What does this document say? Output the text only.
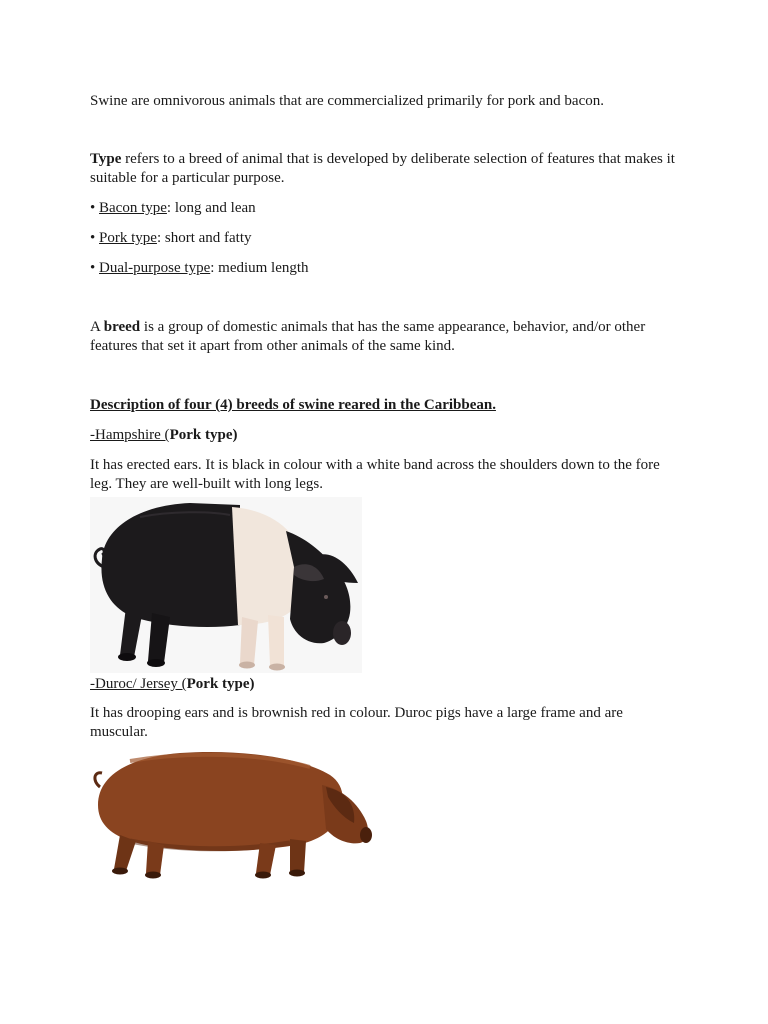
Swine are omnivorous animals that are commercialized primarily for pork and bacon.

Type refers to a breed of animal that is developed by deliberate selection of features that makes it suitable for a particular purpose.

• Bacon type: long and lean

• Pork type: short and fatty

• Dual-purpose type: medium length

A breed is a group of domestic animals that has the same appearance, behavior, and/or other features that set it apart from other animals of the same kind.

Description of four (4) breeds of swine reared in the Caribbean.

-Hampshire (Pork type)

It has erected ears. It is black in colour with a white band across the shoulders down to the fore leg. They are well-built with long legs.

-Duroc/ Jersey (Pork type)

It has drooping ears and is brownish red in colour. Duroc pigs have a large frame and are muscular.
